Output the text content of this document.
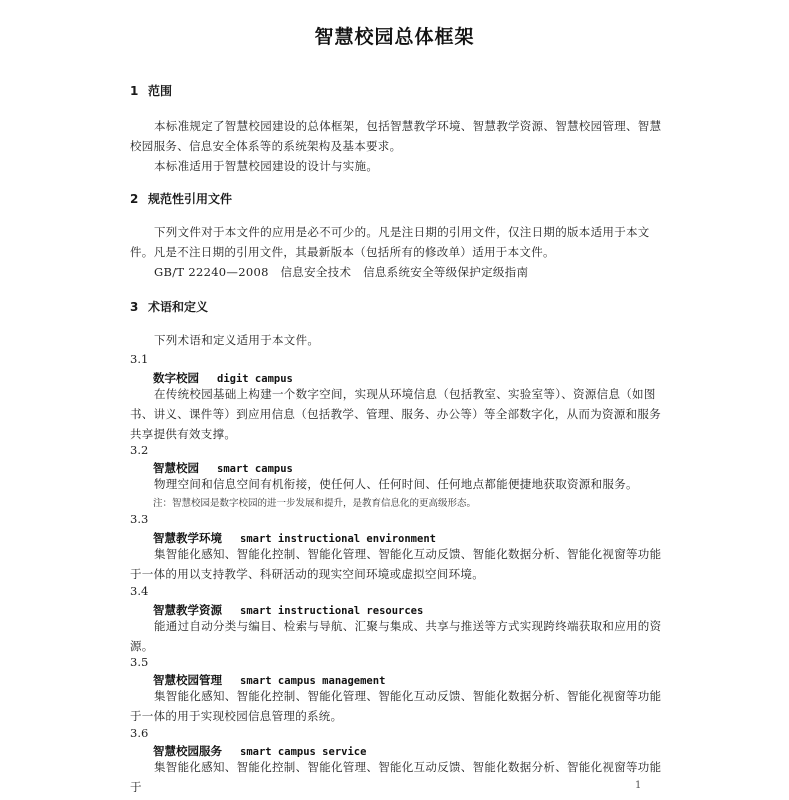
智慧校园总体框架
1 范围
本标准规定了智慧校园建设的总体框架，包括智慧教学环境、智慧教学资源、智慧校园管理、智慧校园服务、信息安全体系等的系统架构及基本要求。
本标准适用于智慧校园建设的设计与实施。
2 规范性引用文件
下列文件对于本文件的应用是必不可少的。凡是注日期的引用文件，仅注日期的版本适用于本文件。凡是不注日期的引用文件，其最新版本（包括所有的修改单）适用于本文件。
GB/T 22240—2008　信息安全技术　信息系统安全等级保护定级指南
3 术语和定义
下列术语和定义适用于本文件。
3.1
数字校园 digit campus
在传统校园基础上构建一个数字空间，实现从环境信息（包括教室、实验室等）、资源信息（如图书、讲义、课件等）到应用信息（包括教学、管理、服务、办公等）等全部数字化，从而为资源和服务共享提供有效支撑。
3.2
智慧校园 smart campus
物理空间和信息空间有机衔接，使任何人、任何时间、任何地点都能便捷地获取资源和服务。
注：智慧校园是数字校园的进一步发展和提升，是教育信息化的更高级形态。
3.3
智慧教学环境 smart instructional environment
集智能化感知、智能化控制、智能化管理、智能化互动反馈、智能化数据分析、智能化视窗等功能于一体的用以支持教学、科研活动的现实空间环境或虚拟空间环境。
3.4
智慧教学资源 smart instructional resources
能通过自动分类与编目、检索与导航、汇聚与集成、共享与推送等方式实现跨终端获取和应用的资源。
3.5
智慧校园管理 smart campus management
集智能化感知、智能化控制、智能化管理、智能化互动反馈、智能化数据分析、智能化视窗等功能于一体的用于实现校园信息管理的系统。
3.6
智慧校园服务 smart campus service
集智能化感知、智能化控制、智能化管理、智能化互动反馈、智能化数据分析、智能化视窗等功能于	1
